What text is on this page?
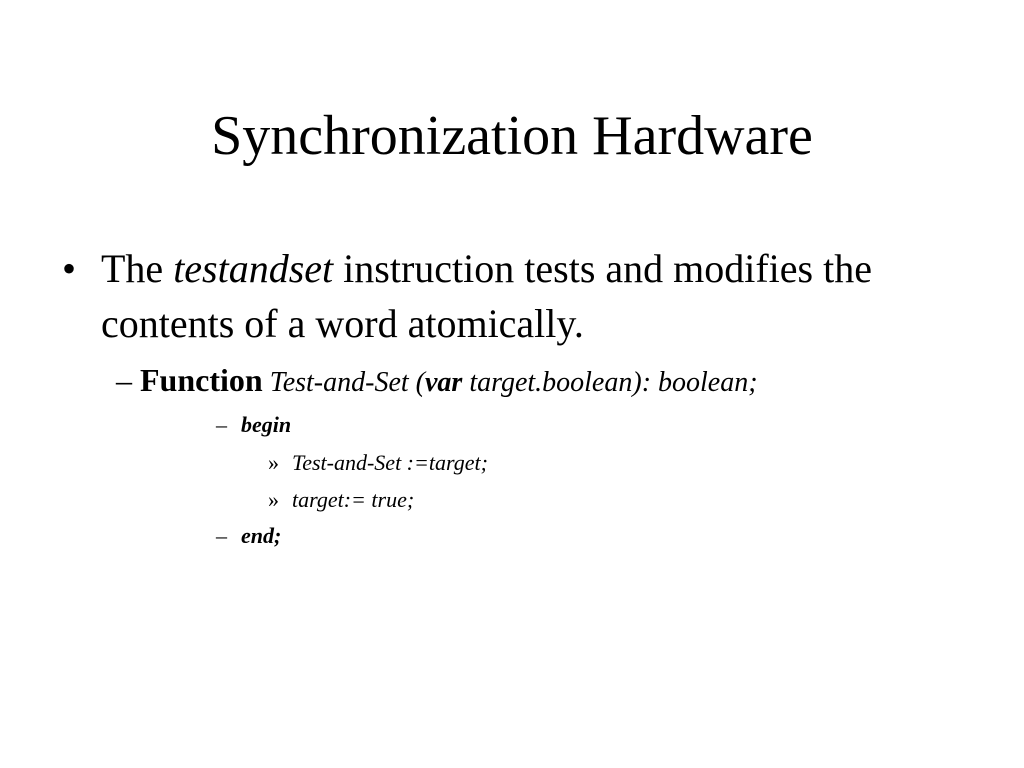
Synchronization Hardware
• The testandset instruction tests and modifies the contents of a word atomically.
– Function Test-and-Set (var target.boolean): boolean;
– begin
» Test-and-Set :=target;
» target:= true;
– end;
